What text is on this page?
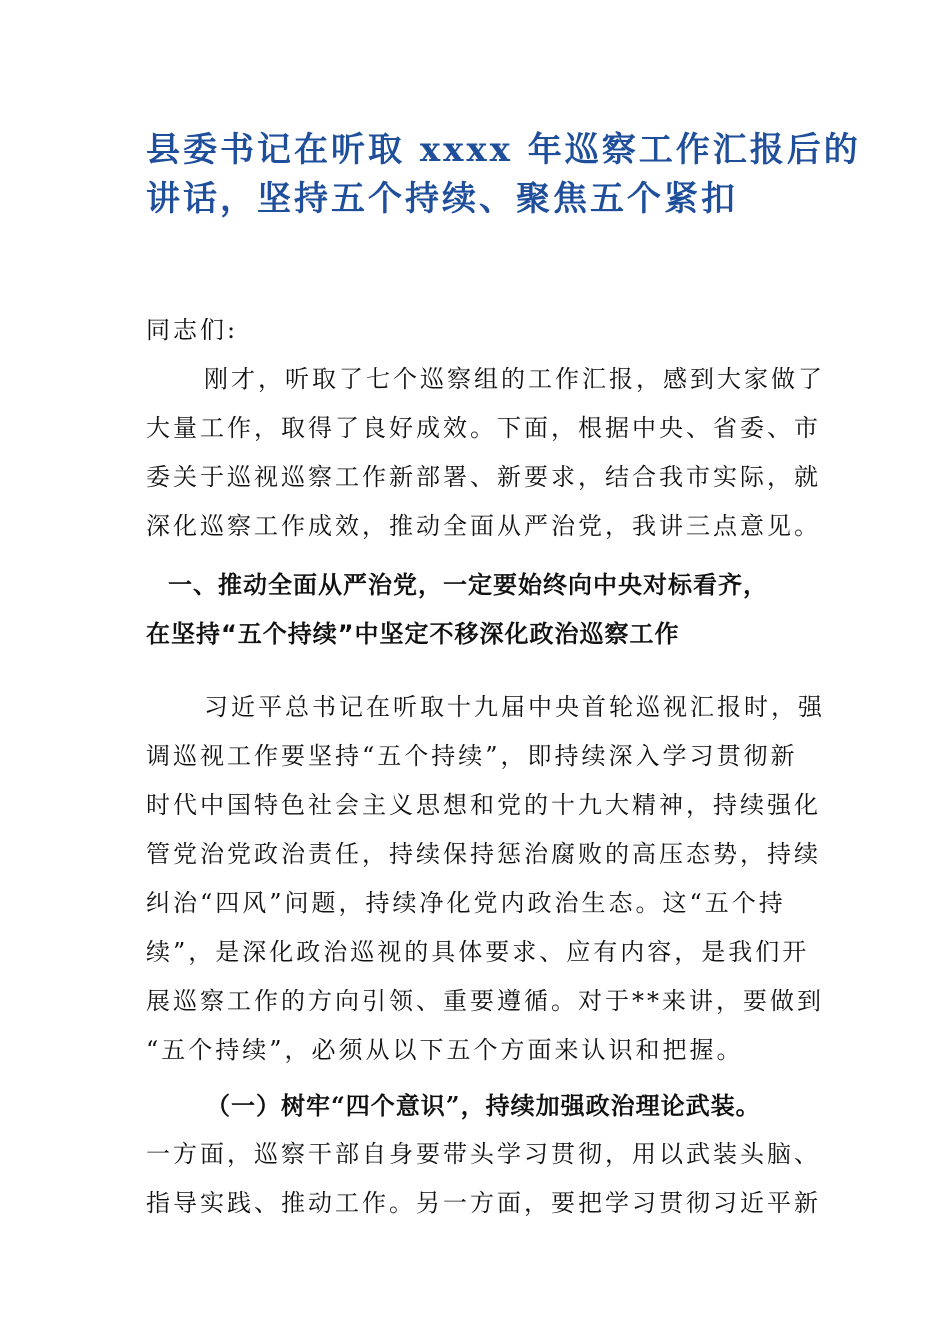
县委书记在听取 xxxx 年巡察工作汇报后的
讲话，坚持五个持续、聚焦五个紧扣
同志们:
刚才，听取了七个巡察组的工作汇报，感到大家做了
大量工作，取得了良好成效。下面，根据中央、省委、市
委关于巡视巡察工作新部署、新要求，结合我市实际，就
深化巡察工作成效，推动全面从严治党，我讲三点意见。
一、推动全面从严治党，一定要始终向中央对标看齐，
在坚持“五个持续”中坚定不移深化政治巡察工作
习近平总书记在听取十九届中央首轮巡视汇报时，强
调巡视工作要坚持“五个持续”，即持续深入学习贯彻新
时代中国特色社会主义思想和党的十九大精神，持续强化
管党治党政治责任，持续保持惩治腐败的高压态势，持续
纠治“四风”问题，持续净化党内政治生态。这“五个持
续”，是深化政治巡视的具体要求、应有内容，是我们开
展巡察工作的方向引领、重要遵循。对于**来讲，要做到
“五个持续”，必须从以下五个方面来认识和把握。
（一）树牢“四个意识”，持续加强政治理论武装。
一方面，巡察干部自身要带头学习贯彻，用以武装头脑、
指导实践、推动工作。另一方面，要把学习贯彻习近平新
